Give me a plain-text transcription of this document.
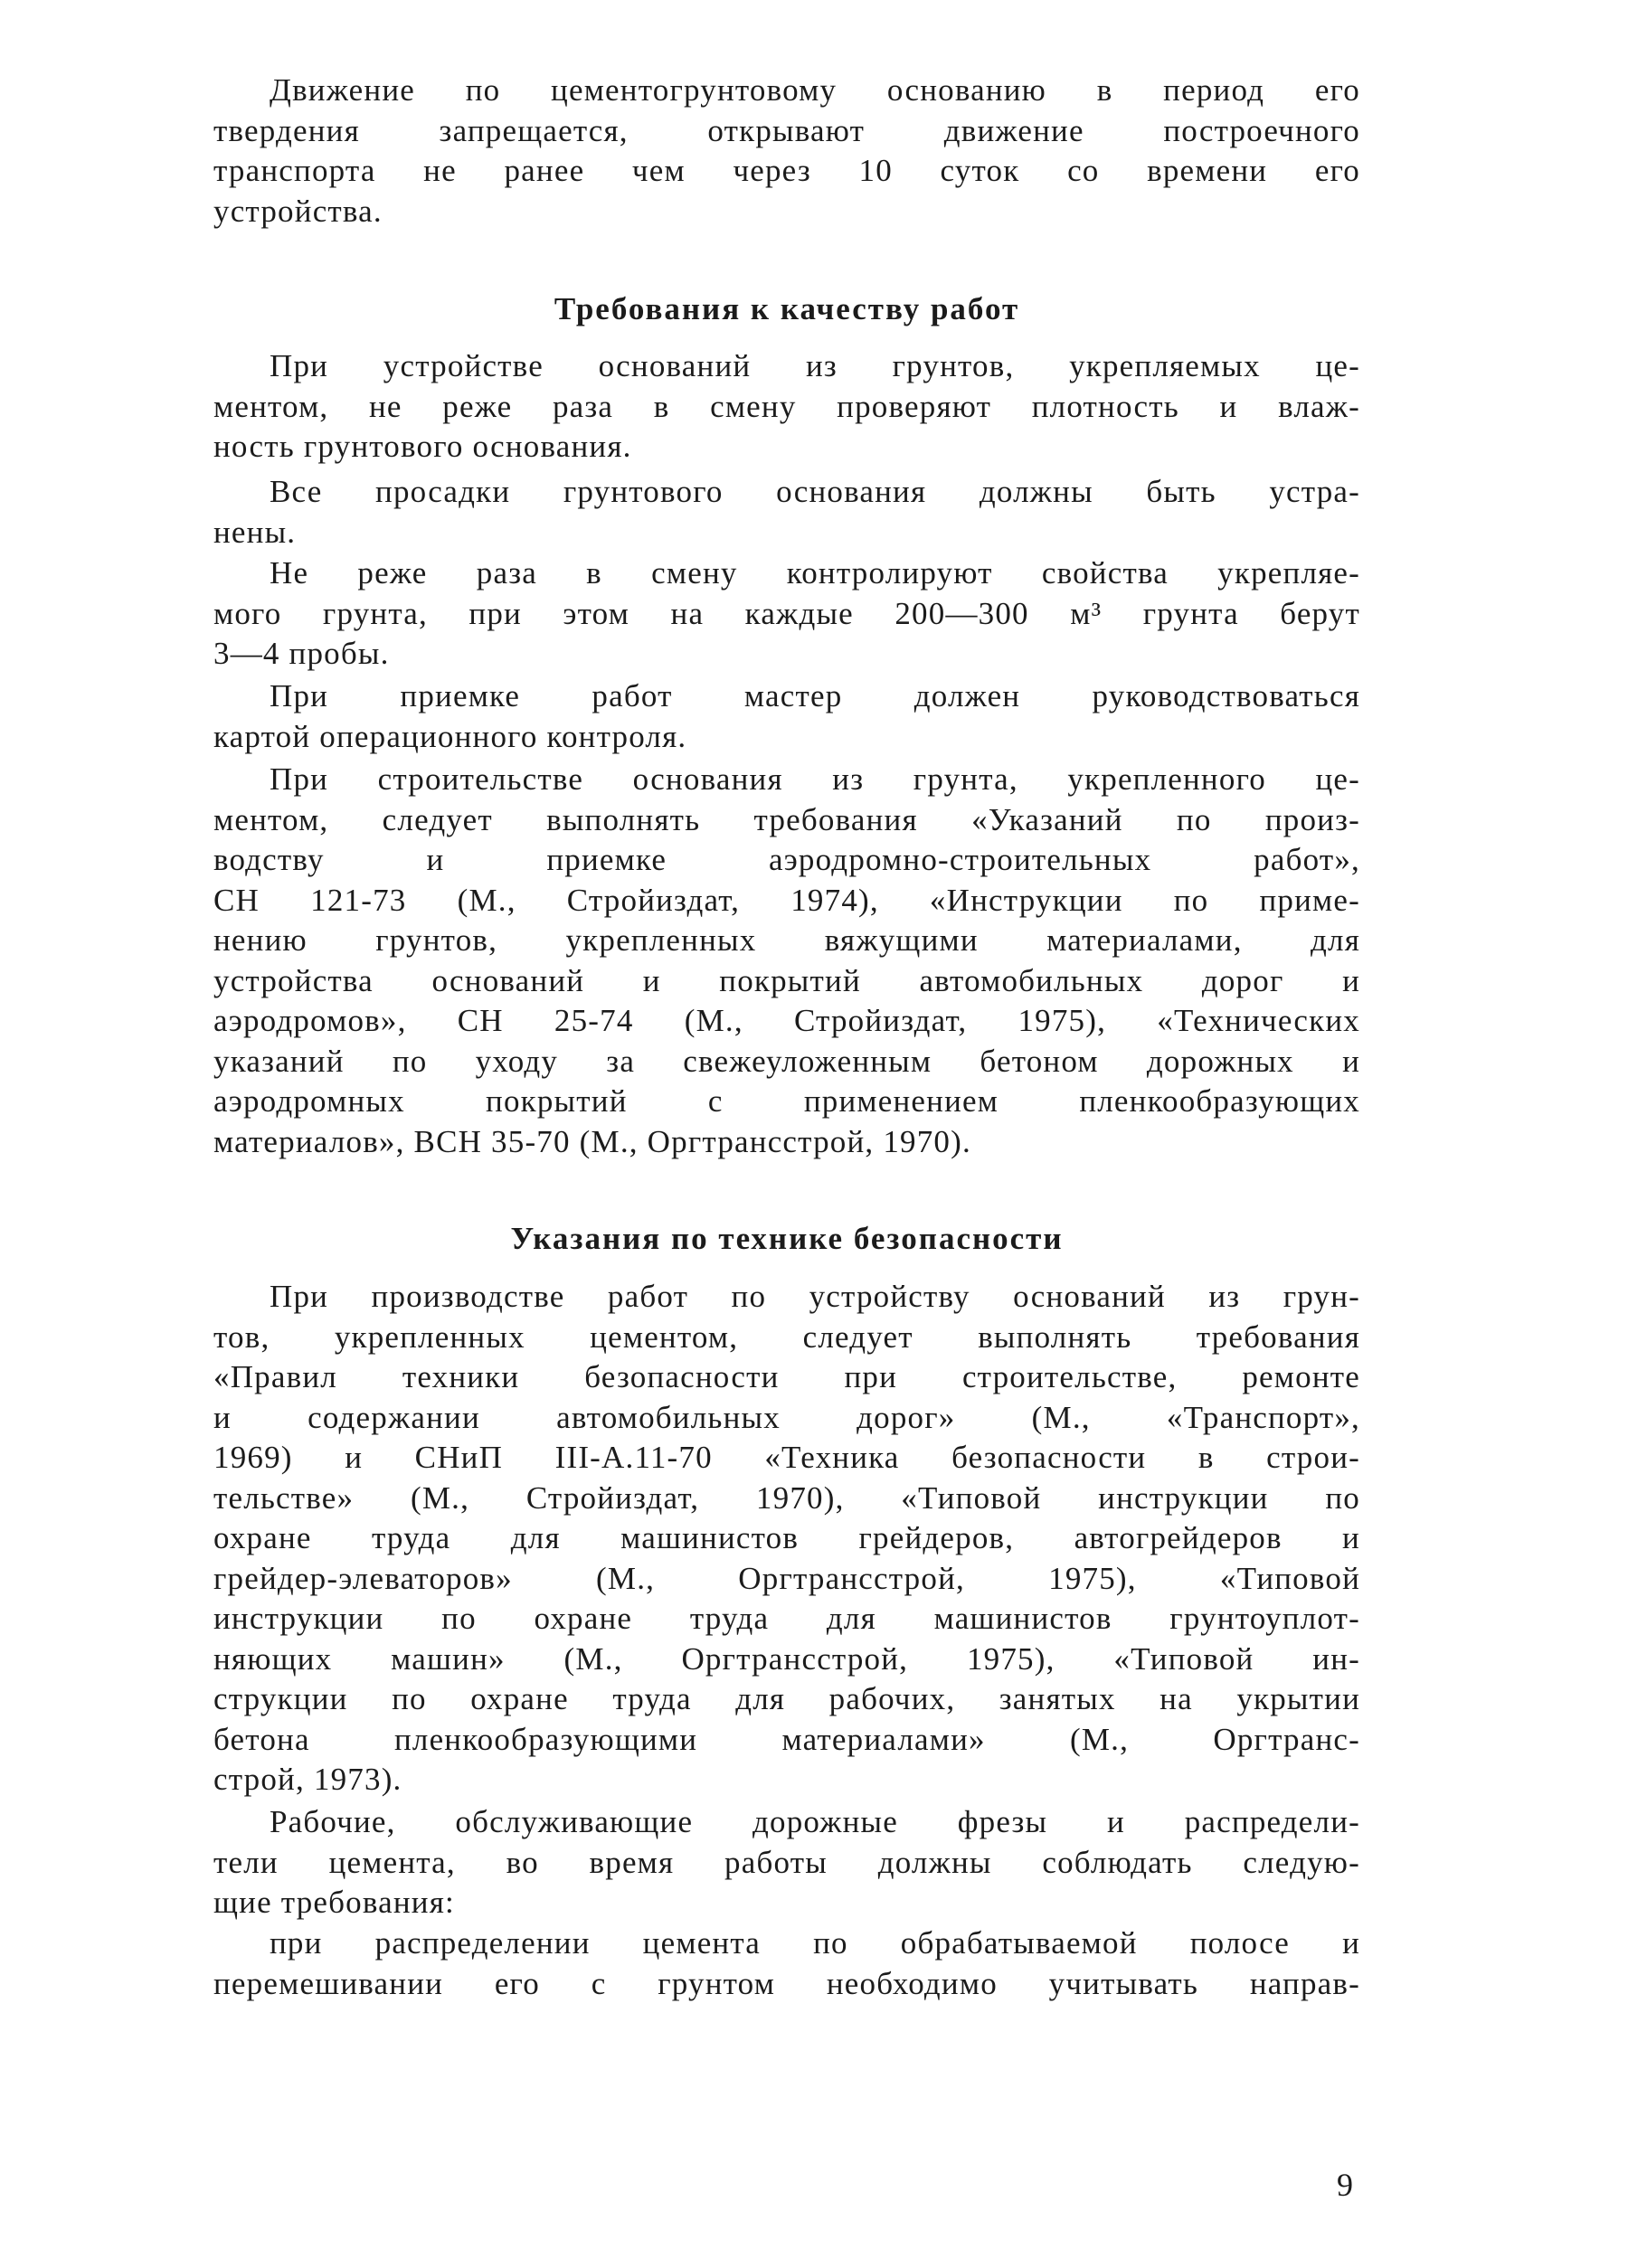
Движение по цементогрунтовому основанию в период его
твердения запрещается, открывают движение построечного
транспорта не ранее чем через 10 суток со времени его
устройства.
Требования к качеству работ
При устройстве оснований из грунтов, укрепляемых це-
ментом, не реже раза в смену проверяют плотность и влаж-
ность грунтового основания.
Все просадки грунтового основания должны быть устра-
нены.
Не реже раза в смену контролируют свойства укрепляе-
мого грунта, при этом на каждые 200—300 м³ грунта берут
3—4 пробы.
При приемке работ мастер должен руководствоваться
картой операционного контроля.
При строительстве основания из грунта, укрепленного це-
ментом, следует выполнять требования «Указаний по произ-
водству и приемке аэродромно-строительных работ»,
СН 121-73 (М., Стройиздат, 1974), «Инструкции по приме-
нению грунтов, укрепленных вяжущими материалами, для
устройства оснований и покрытий автомобильных дорог и
аэродромов», СН 25-74 (М., Стройиздат, 1975), «Технических
указаний по уходу за свежеуложенным бетоном дорожных и
аэродромных покрытий с применением пленкообразующих
материалов», ВСН 35-70 (М., Оргтрансстрой, 1970).
Указания по технике безопасности
При производстве работ по устройству оснований из грун-
тов, укрепленных цементом, следует выполнять требования
«Правил техники безопасности при строительстве, ремонте
и содержании автомобильных дорог» (М., «Транспорт»,
1969) и СНиП III-А.11-70 «Техника безопасности в строи-
тельстве» (М., Стройиздат, 1970), «Типовой инструкции по
охране труда для машинистов грейдеров, автогрейдеров и
грейдер-элеваторов» (М., Оргтрансстрой, 1975), «Типовой
инструкции по охране труда для машинистов грунтоуплот-
няющих машин» (М., Оргтрансстрой, 1975), «Типовой ин-
струкции по охране труда для рабочих, занятых на укрытии
бетона пленкообразующими материалами» (М., Оргтранс-
строй, 1973).
Рабочие, обслуживающие дорожные фрезы и распредели-
тели цемента, во время работы должны соблюдать следую-
щие требования:
при распределении цемента по обрабатываемой полосе и
перемешивании его с грунтом необходимо учитывать направ-
9
